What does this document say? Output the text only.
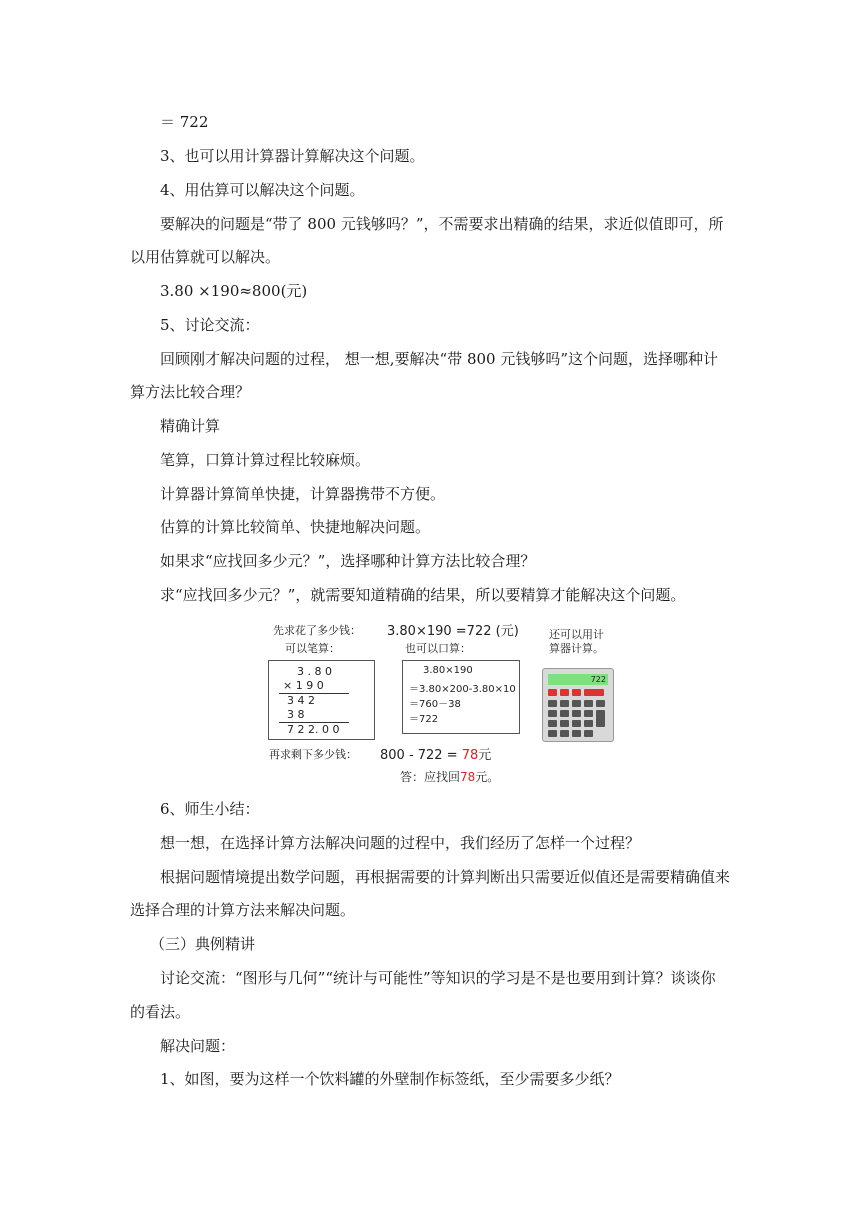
＝ 722
3、也可以用计算器计算解决这个问题。
4、用估算可以解决这个问题。
要解决的问题是“带了 800 元钱够吗？”，不需要求出精确的结果，求近似值即可，所
以用估算就可以解决。
3.80 ×190≈800(元)
5、讨论交流：
回顾刚才解决问题的过程， 想一想,要解决“带 800 元钱够吗”这个问题，选择哪种计
算方法比较合理？
精确计算
笔算，口算计算过程比较麻烦。
计算器计算简单快捷，计算器携带不方便。
估算的计算比较简单、快捷地解决问题。
如果求“应找回多少元？”，选择哪种计算方法比较合理？
求“应找回多少元？”，就需要知道精确的结果，所以要精算才能解决这个问题。
先求花了多少钱： 3.80×190 =722 (元)
可以笔算：	也可以口算：
还可以用计
算器计算。
3 . 8 0
× 1 9 0
3 4 2
3 8
7 2 2. 0 0
3.80×190
＝3.80×200-3.80×10
＝760－38
＝722
722
再求剩下多少钱： 800 - 722 = 78元
答：应找回78元。
6、师生小结：
想一想，在选择计算方法解决问题的过程中，我们经历了怎样一个过程？
根据问题情境提出数学问题，再根据需要的计算判断出只需要近似值还是需要精确值来
选择合理的计算方法来解决问题。
（三）典例精讲
讨论交流：“图形与几何”“统计与可能性”等知识的学习是不是也要用到计算？谈谈你
的看法。
解决问题：
1、如图，要为这样一个饮料罐的外壁制作标签纸，至少需要多少纸？
